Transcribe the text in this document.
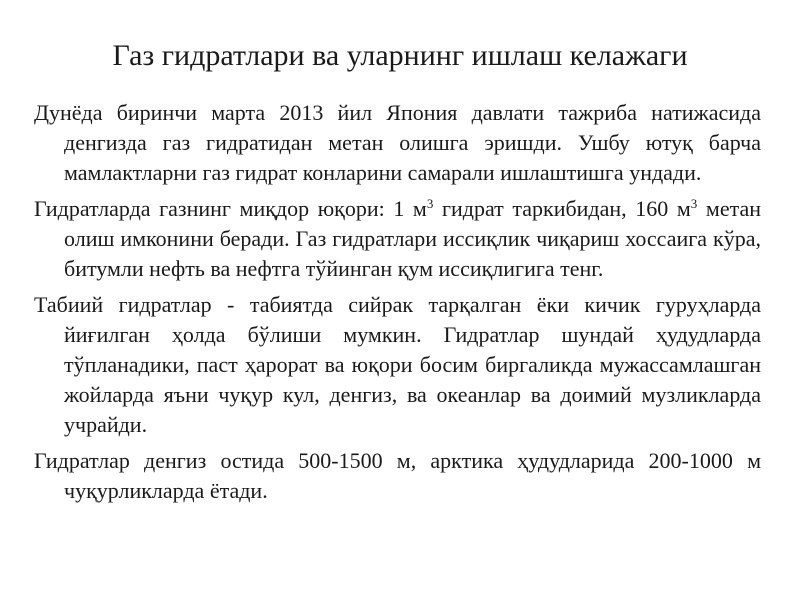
Газ гидратлари ва уларнинг ишлаш келажаги

Дунёда биринчи марта 2013 йил Япония давлати тажриба натижасида денгизда газ гидратидан метан олишга эришди. Ушбу ютуқ барча мамлактларни газ гидрат конларини самарали ишлаштишга ундади.

Гидратларда газнинг миқдор юқори: 1 $м^3$ гидрат таркибидан, 160 $м^3$ метан олиш имконини беради. Газ гидратлари иссиқлик чиқариш хоссаига кўра, битумли нефть ва нефтга тўйинган қум иссиқлигига тенг.

Табиий гидратлар - табиятда сийрак тарқалган ёки кичик гуруҳларда йиғилган ҳолда бўлиши мумкин. Гидратлар шундай ҳудудларда тўпланадики, паст ҳарорат ва юқори босим биргаликда мужассамлашган жойларда яъни чуқур кул, денгиз, ва океанлар ва доимий музликларда учрайди.

Гидратлар денгиз остида 500-1500 м, арктика ҳудудларида 200-1000 м чуқурликларда ётади.
